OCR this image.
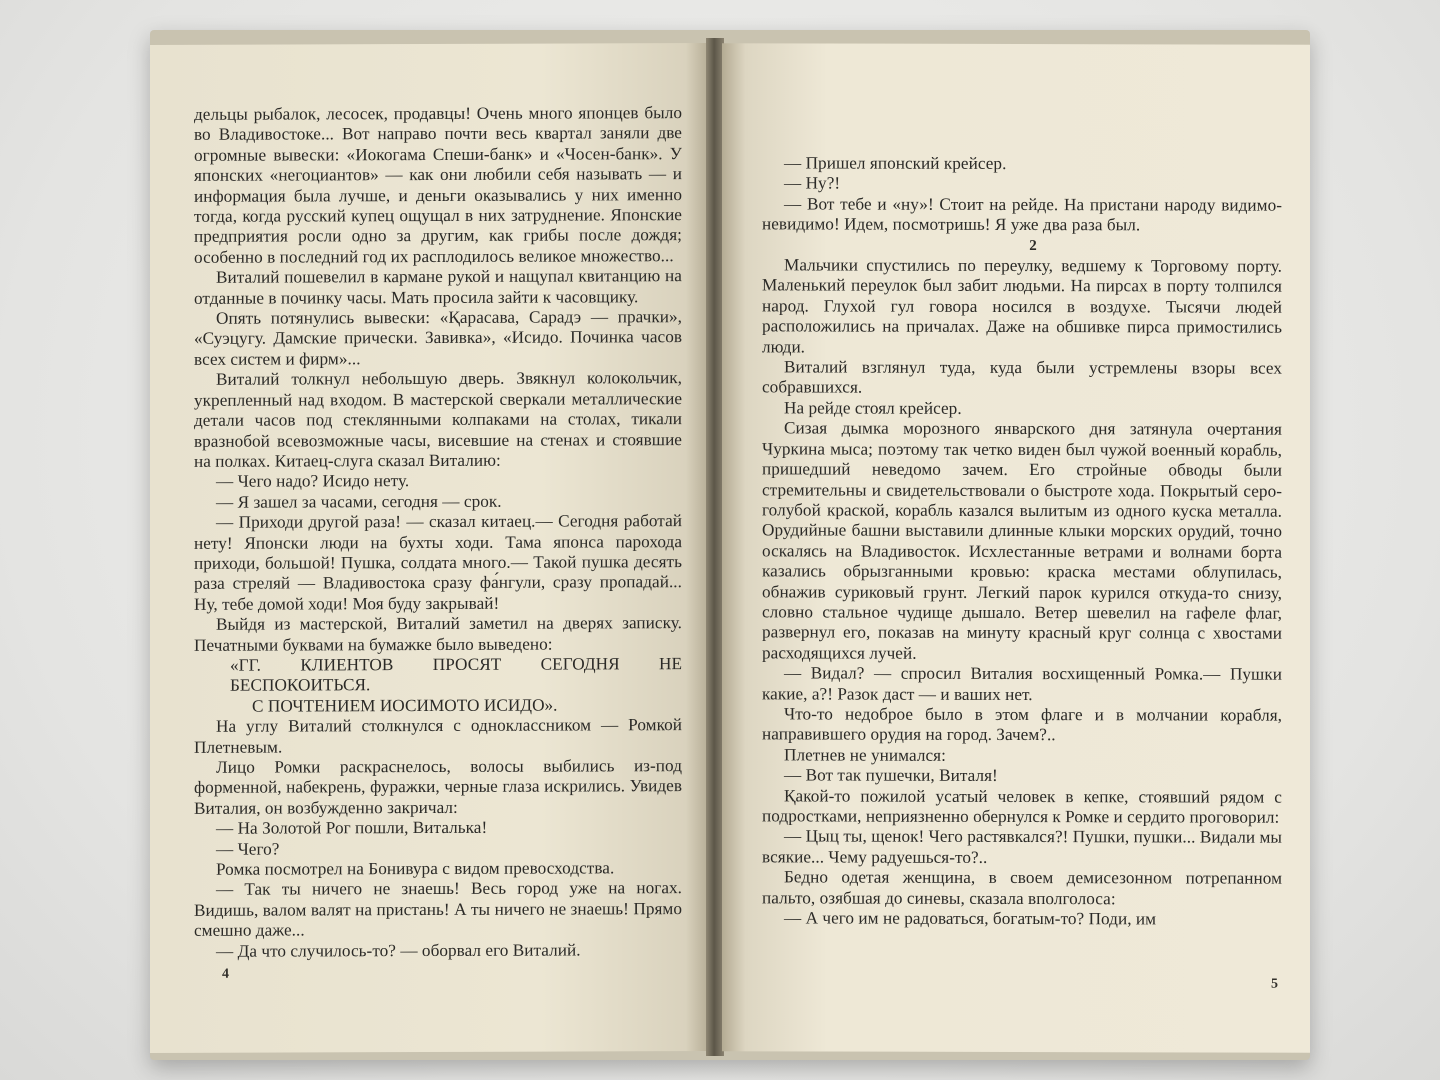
дельцы рыбалок, лесосек, продавцы! Очень много японцев было во Владивостоке... Вот направо почти весь квартал заняли две огромные вывески: «Иокогама Спеши-банк» и «Чосен-банк». У японских «негоциантов» — как они любили себя называть — и информация была лучше, и деньги оказывались у них именно тогда, когда русский купец ощущал в них затруднение. Японские предприятия росли одно за другим, как грибы после дождя; особенно в последний год их расплодилось великое множество...

Виталий пошевелил в кармане рукой и нащупал квитанцию на отданные в починку часы. Мать просила зайти к часовщику.

Опять потянулись вывески: «Қарасава, Сарадэ — прачки», «Суэцугу. Дамские прически. Завивка», «Исидо. Починка часов всех систем и фирм»...

Виталий толкнул небольшую дверь. Звякнул колокольчик, укрепленный над входом. В мастерской сверкали металлические детали часов под стеклянными колпаками на столах, тикали вразнобой всевозможные часы, висевшие на стенах и стоявшие на полках. Китаец-слуга сказал Виталию:

— Чего надо? Исидо нету.

— Я зашел за часами, сегодня — срок.

— Приходи другой раза! — сказал китаец.— Сегодня работай нету! Японски люди на бухты ходи. Тама японса парохода приходи, большой! Пушка, солдата много.— Такой пушка десять раза стреляй — Владивостока сразу фа́нгули, сразу пропадай... Ну, тебе домой ходи! Моя буду закрывай!

Выйдя из мастерской, Виталий заметил на дверях записку. Печатными буквами на бумажке было выведено:

«ГГ. КЛИЕНТОВ ПРОСЯТ СЕГОДНЯ НЕ БЕСПОКОИТЬСЯ.

С ПОЧТЕНИЕМ ИОСИМОТО ИСИДО».

На углу Виталий столкнулся с одноклассником — Ромкой Плетневым.

Лицо Ромки раскраснелось, волосы выбились из-под форменной, набекрень, фуражки, черные глаза искрились. Увидев Виталия, он возбужденно закричал:

— На Золотой Рог пошли, Виталька!

— Чего?

Ромка посмотрел на Бонивура с видом превосходства.

— Так ты ничего не знаешь! Весь город уже на ногах. Видишь, валом валят на пристань! А ты ничего не знаешь! Прямо смешно даже...

— Да что случилось-то? — оборвал его Виталий.

4

— Пришел японский крейсер.

— Ну?!

— Вот тебе и «ну»! Стоит на рейде. На пристани народу видимо-невидимо! Идем, посмотришь! Я уже два раза был.

2

Мальчики спустились по переулку, ведшему к Торговому порту. Маленький переулок был забит людьми. На пирсах в порту толпился народ. Глухой гул говора носился в воздухе. Тысячи людей расположились на причалах. Даже на обшивке пирса примостились люди.

Виталий взглянул туда, куда были устремлены взоры всех собравшихся.

На рейде стоял крейсер.

Сизая дымка морозного январского дня затянула очертания Чуркина мыса; поэтому так четко виден был чужой военный корабль, пришедший неведомо зачем. Его стройные обводы были стремительны и свидетельствовали о быстроте хода. Покрытый серо-голубой краской, корабль казался вылитым из одного куска металла. Орудийные башни выставили длинные клыки морских орудий, точно оскалясь на Владивосток. Исхлестанные ветрами и волнами борта казались обрызганными кровью: краска местами облупилась, обнажив суриковый грунт. Легкий парок курился откуда-то снизу, словно стальное чудище дышало. Ветер шевелил на гафеле флаг, развернул его, показав на минуту красный круг солнца с хвостами расходящихся лучей.

— Видал? — спросил Виталия восхищенный Ромка.— Пушки какие, а?! Разок даст — и ваших нет.

Что-то недоброе было в этом флаге и в молчании корабля, направившего орудия на город. Зачем?..

Плетнев не унимался:

— Вот так пушечки, Виталя!

Қакой-то пожилой усатый человек в кепке, стоявший рядом с подростками, неприязненно обернулся к Ромке и сердито проговорил:

— Цыц ты, щенок! Чего растявкался?! Пушки, пушки... Видали мы всякие... Чему радуешься-то?..

Бедно одетая женщина, в своем демисезонном потрепанном пальто, озябшая до синевы, сказала вполголоса:

— А чего им не радоваться, богатым-то? Поди, им

5
